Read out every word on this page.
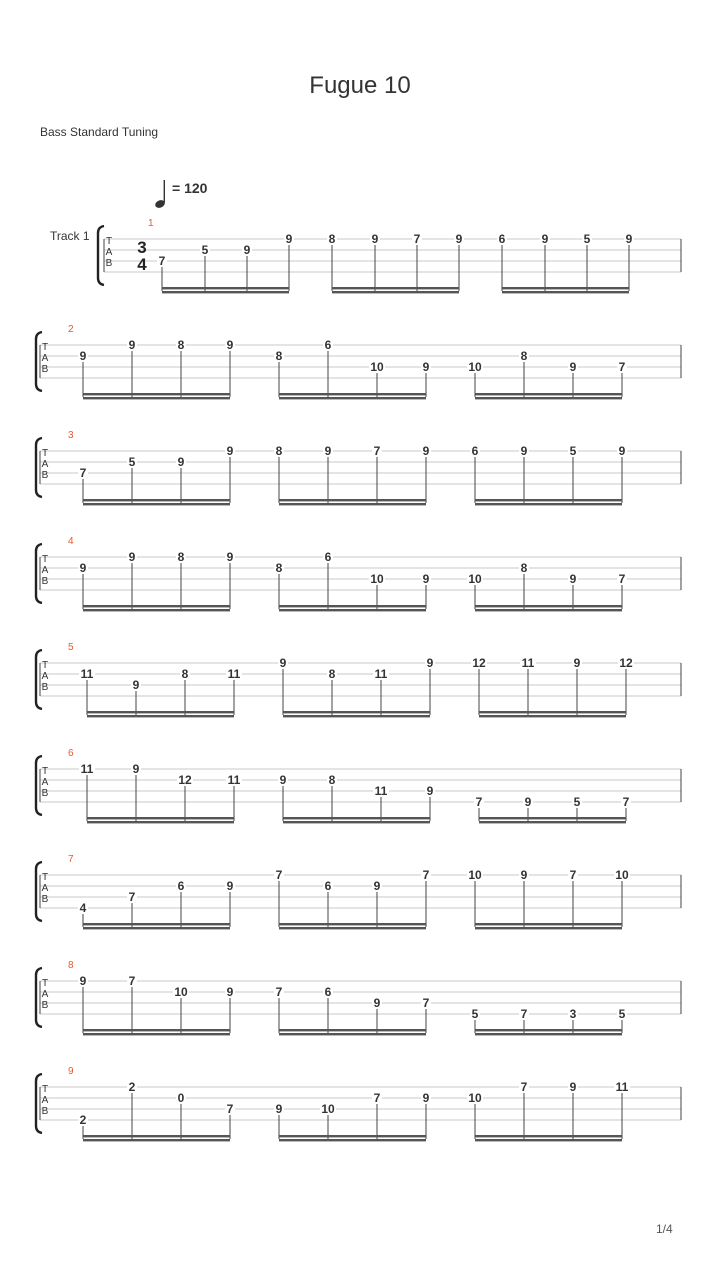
Fugue 10
Bass Standard Tuning
= 120
Track 1 T
A
B
3
4
1
7
5	9
9	8	9	7	9	6	9	5	9
T
A
B
2
9
9	8	9
8
6
10	9	10
8
9	7
T
A
B
3
7
5	9
9	8	9	7	9	6	9	5	9
T
A
B
4
9
9	8	9
8
6
10	9	10
8
9	7
T
A
B
5
11
9
8	11
9
8	11
9	12	11	9	12
T
A
B
6
11	9
12	11	9	8
11	9
7	9	5	7
T
A
B
7
4
7
6	9
7
6	9
7	10	9	7	10
T
A
B
8
9	7
10	9	7	6
9	7
5	7	3	5
T
A
B
9
2
2
0
7	9	10
7	9	10
7	9	11
1/4
